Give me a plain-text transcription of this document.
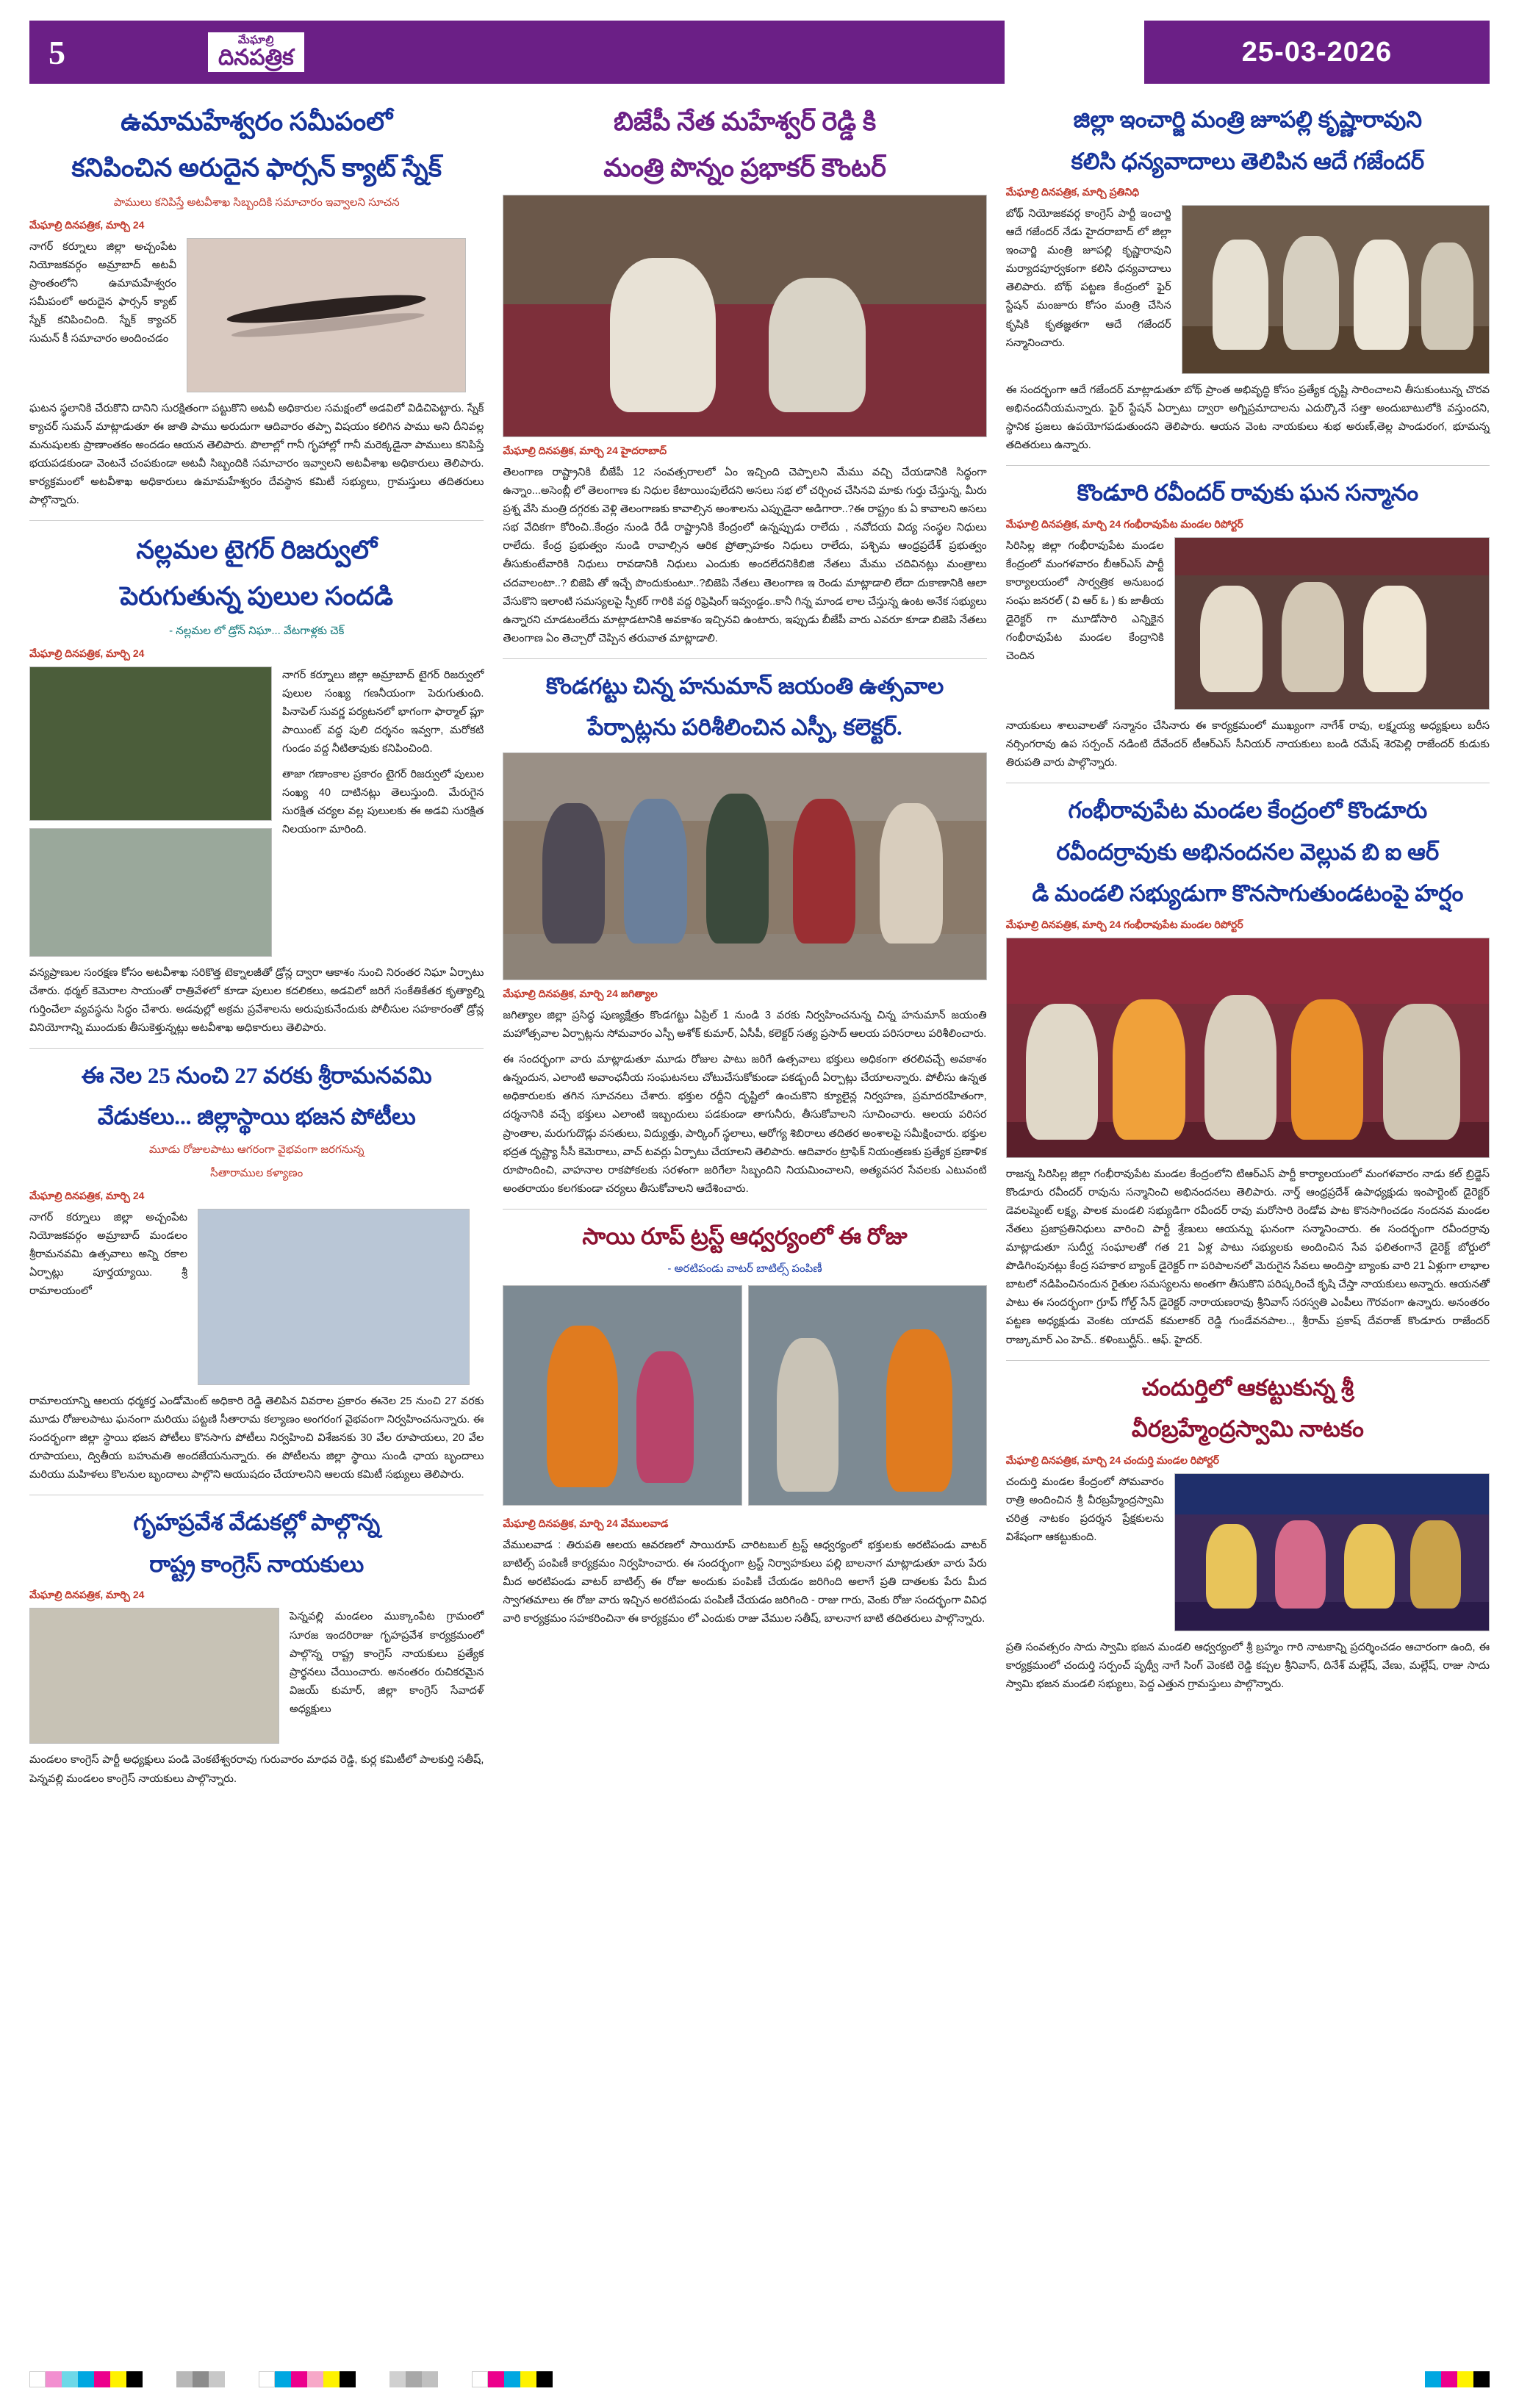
5	మేఘాల్రి
దినపత్రిక	25-03-2026
ఉమామహేశ్వరం సమీపంలో
కనిపించిన అరుదైన ఫార్సన్ క్యాట్ స్నేక్
పాములు కనిపిస్తే అటవీశాఖ సిబ్బందికి సమాచారం ఇవ్వాలని సూచన
మేఘాల్రి దినపత్రిక, మార్చి 24
నాగర్ కర్నూలు జిల్లా అచ్చంపేట నియోజకవర్గం అమ్రాబాద్ అటవీ ప్రాంతంలోని ఉమామహేశ్వరం సమీపంలో అరుదైన ఫార్సన్ క్యాట్ స్నేక్ కనిపించింది. స్నేక్ క్యాచర్ సుమన్ కీ సమాచారం అందించడం
ఘటన స్థలానికి చేరుకొని దానిని సురక్షితంగా పట్టుకొని అటవీ అధికారుల సమక్షంలో అడవిలో విడిచిపెట్టారు. స్నేక్ క్యాచర్ సుమన్ మాట్లాడుతూ ఈ జాతి పాము అరుదుగా ఆదివారం తప్పా విషయం కలిగిన పాము అని దీనివల్ల మనుషులకు ప్రాణాంతకం అందడం ఆయన తెలిపారు. పొలాల్లో గానీ గృహాల్లో గానీ మరెక్కడైనా పాములు కనిపిస్తే భయపడకుండా వెంటనే చంపకుండా అటవీ సిబ్బందికి సమాచారం ఇవ్వాలని అటవీశాఖ అధికారులు తెలిపారు. కార్యక్రమంలో అటవీశాఖ అధికారులు ఉమామహేశ్వరం దేవస్థాన కమిటీ సభ్యులు, గ్రామస్తులు తదితరులు పాల్గొన్నారు.
నల్లమల టైగర్ రిజర్వులో
పెరుగుతున్న పులుల సందడి
- నల్లమల లో డ్రోన్ నిఘా... వేటగాళ్లకు చెక్
మేఘాల్రి దినపత్రిక, మార్చి 24
నాగర్ కర్నూలు జిల్లా అమ్రాబాద్ టైగర్ రిజర్వులో పులుల సంఖ్య గణనీయంగా పెరుగుతుంది. పినాపెల్ సువర్ణ పర్యటనలో భాగంగా ఫార్మాల్ ప్లూ పాయింట్ వద్ద పులి దర్శనం ఇవ్వగా, మరోకటి గుండం వద్ద నీటితావుకు కనిపించింది.
తాజా గణాంకాల ప్రకారం టైగర్ రిజర్వులో పులుల సంఖ్య 40 దాటినట్లు తెలుస్తుంది. మేరుగైన సురక్షిత చర్యల వల్ల పులులకు ఈ అడవి సురక్షిత నిలయంగా మారింది.
వన్యప్రాణుల సంరక్షణ కోసం అటవీశాఖ సరికొత్త టెక్నాలజీతో డ్రోన్ల ద్వారా ఆకాశం నుంచి నిరంతర నిఘా ఏర్పాటు చేశారు. థర్మల్ కెమెరాల సాయంతో రాత్రివేళలో కూడా పులుల కదలికలు, అడవిలో జరిగే సంకేతికేతర కృత్యాల్ని గుర్తించేలా వ్యవస్థను సిద్ధం చేశారు. అడవుల్లో అక్రమ ప్రవేశాలను అరుపుకునేందుకు పోలీసుల సహకారంతో డ్రోన్ల వినియోగాన్ని ముందుకు తీసుకెళ్తున్నట్లు అటవీశాఖ అధికారులు తెలిపారు.
ఈ నెల 25 నుంచి 27 వరకు శ్రీరామనవమి
వేడుకలు... జిల్లాస్థాయి భజన పోటీలు
మూడు రోజులపాటు ఆగరంగా వైభవంగా జరగనున్న
సీతారాముల కళ్యాణం
మేఘాల్రి దినపత్రిక, మార్చి 24
నాగర్ కర్నూలు జిల్లా అచ్చంపేట నియోజకవర్గం అమ్రాబాద్ మండలం శ్రీరామనవమి ఉత్సవాలు అన్ని రకాల ఏర్పాట్లు పూర్తయ్యాయి. శ్రీ రామాలయంలో
రామాలయాన్ని ఆలయ ధర్మకర్త ఎండోమెంట్ అధికారి రెడ్డి తెలిపిన వివరాల ప్రకారం ఈనెల 25 నుంచి 27 వరకు మూడు రోజులపాటు ఘనంగా మరియు పట్టణి సీతారామ కల్యాణం అంగరంగ వైభవంగా నిర్వహించనున్నారు. ఈ సందర్భంగా జిల్లా స్థాయి భజన పోటీలు కొనసాగు పోటీలు నిర్వహించి విశేజనకు 30 వేల రూపాయలు, 20 వేల రూపాయలు, ద్వితీయ బహుమతి అందజేయనున్నారు. ఈ పోటీలను జిల్లా స్థాయి సుండి ఛాయ బృందాలు మరియు మహిళలు కొలనుల బృందాలు పాల్గొని ఆయుషదం చేయాలనిని ఆలయ కమిటీ సభ్యులు తెలిపారు.
గృహప్రవేశ వేడుకల్లో పాల్గొన్న
రాష్ట్ర కాంగ్రెస్ నాయకులు
మేఘాల్రి దినపత్రిక, మార్చి 24
పెన్నవల్లి మండలం ముక్కాంపేట గ్రామంలో సూరజ ఇందరిరాజు గృహప్రవేశ కార్యక్రమంలో పాల్గొన్న రాష్ట్ర కాంగ్రెస్ నాయకులు ప్రత్యేక ప్రార్థనలు చేయించారు. అనంతరం రుచికరమైన విజయ్ కుమార్, జిల్లా కాంగ్రెస్ సేవాదళ్ అధ్యక్షులు
మండలం కాంగ్రెస్ పార్టీ అధ్యక్షులు పండి వెంకటేశ్వరరావు గురువారం మాధవ రెడ్డి, కుర్ల కమిటీలో పాలకుర్తి సతీష్, పెన్నవల్లి మండలం కాంగ్రెస్ నాయకులు పాల్గొన్నారు.
బిజేపీ నేత మహేశ్వర్ రెడ్డి కి
మంత్రి పొన్నం ప్రభాకర్ కౌంటర్
మేఘాల్రి దినపత్రిక, మార్చి 24 హైదరాబాద్
తెలంగాణ రాష్ట్రానికి బీజేపీ 12 సంవత్సరాలలో ఏం ఇచ్చింది చెప్పాలని మేము వచ్చి చేయడానికి సిద్ధంగా ఉన్నాం...అసెంబ్లీ లో తెలంగాణ కు నిధుల కేటాయింపులేదని అసలు సభ లో చర్చించ చేసినవి మాకు గుర్తు చేస్తున్న, మీరు ప్రశ్న వేసి మంత్రి దగ్గరకు వెళ్లి తెలంగాణకు కావాల్సిన అంశాలను ఎప్పుడైనా అడిగారా..?ఈ రాష్ట్రం కు ఏ కావాలని అసలు సభ వేదికగా కోరించి..కేంద్రం నుండి రేడీ రాష్ట్రానికి కేంద్రంలో ఉన్నప్పుడు రాలేదు , నవోదయ విద్య సంస్థల నిధులు రాలేదు. కేంద్ర ప్రభుత్వం నుండి రావాల్సిన ఆరిక ప్రోత్సాహకం నిధులు రాలేదు, పశ్చిమ ఆంధ్రప్రదేశ్ ప్రభుత్వం తీసుకుంటేవారికి నిధులు రావడానికి నిధులు ఎందుకు అందలేదనికిబిజి నేతలు మేము చదివినట్లు మంత్రాలు చదవాలంటా..? బిజెపి తో ఇచ్చే పొందుకుంటూ..?బిజెపి నేతలు తెలంగాణ ఇ రెండు మాట్లాడాలి లేదా దుకాణానికి ఆలా వేసుకొని ఇలాంటి సమస్యలపై స్పీకర్ గారికి వద్ద రిఫ్రెషింగ్ ఇవ్వండ్డం..కానీ గిన్న మాండ లాల చేస్తున్న ఉంట అనేక సభ్యులు ఉన్నారని చూడటంలేదు మాట్లాడటానికి అవకాశం ఇచ్చినవి ఉంటారు, ఇప్పుడు బీజేపీ వారు ఎవరూ కూడా బిజెపి నేతలు తెలంగాణ ఏం తెచ్చారో చెప్పిన తరువాత మాట్లాడాలి.
కొండగట్టు చిన్న హనుమాన్ జయంతి ఉత్సవాల
పేర్పాట్లను పరిశీలించిన ఎస్పీ, కలెక్టర్.
మేఘాల్రి దినపత్రిక, మార్చి 24 జగిత్యాల
జగిత్యాల జిల్లా ప్రసిద్ధ పుణ్యక్షేత్రం కొండగట్టు ఏప్రిల్ 1 నుండి 3 వరకు నిర్వహించనున్న చిన్న హనుమాన్ జయంతి మహోత్సవాల ఏర్పాట్లను సోమవారం ఎస్పీ అశోక్ కుమార్, ఏసీపీ, కలెక్టర్ సత్య ప్రసాద్ ఆలయ పరిసరాలు పరిశీలించారు.
ఈ సందర్భంగా వారు మాట్లాడుతూ మూడు రోజుల పాటు జరిగే ఉత్సవాలు భక్తులు అధికంగా తరలివచ్చే అవకాశం ఉన్నందున, ఎలాంటి అవాంఛనీయ సంఘటనలు చోటుచేసుకోకుండా పకడ్బందీ ఏర్పాట్లు చేయాలన్నారు. పోలీసు ఉన్నత అధికారులకు తగిన సూచనలు చేశారు. భక్తుల రద్దీని దృష్టిలో ఉంచుకొని క్యూలైన్ల నిర్వహణ, ప్రమాదరహితంగా, దర్శనానికి వచ్చే భక్తులు ఎలాంటి ఇబ్బందులు పడకుండా తాగునీరు, తీసుకోవాలని సూచించారు. ఆలయ పరిసర ప్రాంతాల, మరుగుదొడ్లు వసతులు, విద్యుత్తు, పార్కింగ్ స్థలాలు, ఆరోగ్య శిబిరాలు తదితర అంశాలపై సమీక్షించారు. భక్తుల భద్రత దృష్ట్యా సీసీ కెమెరాలు, వాచ్ టవర్లు ఏర్పాటు చేయాలని తెలిపారు. ఆదివారం ట్రాఫిక్ నియంత్రణకు ప్రత్యేక ప్రణాళిక రూపొందించి, వాహనాల రాకపోకలకు సరళంగా జరిగేలా సిబ్బందిని నియమించాలని, అత్యవసర సేవలకు ఎటువంటి అంతరాయం కలగకుండా చర్యలు తీసుకోవాలని ఆదేశించారు.
సాయి రూప్ ట్రస్ట్ ఆధ్వర్యంలో ఈ రోజు
- అరటిపండు వాటర్ బాటిల్స్ పంపిణీ
మేఘాల్రి దినపత్రిక, మార్చి 24 వేములవాడ
వేములవాడ : తిరుపతి ఆలయ ఆవరణలో సాయిరూప్ చారిటబుల్ ట్రస్ట్ ఆధ్వర్యంలో భక్తులకు అరటిపండు వాటర్ బాటిల్స్ పంపిణీ కార్యక్రమం నిర్వహించారు. ఈ సందర్భంగా ట్రస్ట్ నిర్వాహకులు పల్లి బాలనాగ మాట్లాడుతూ వారు పేరు మీద అరటిపండు వాటర్ బాటిల్స్ ఈ రోజు అందుకు పంపిణీ చేయడం జరిగింది అలాగే ప్రతి దాతలకు పేరు మీద స్వాగతమాలు ఈ రోజు వారు ఇచ్చిన అరటిపండు పంపిణీ చేయడం జరిగింది - రాజు గారు, వెంకు రోజు సందర్భంగా వివిధ వారి కార్యక్రమం సహకరించినా ఈ కార్యక్రమం లో ఎందుకు రాజు వేముల సతీష్, బాలనాగ బాటి తదితరులు పాల్గొన్నారు.
జిల్లా ఇంచార్జి మంత్రి జూపల్లి కృష్ణారావుని
కలిసి ధన్యవాదాలు తెలిపిన ఆదే గజేందర్
మేఘాల్రి దినపత్రిక, మార్చి ప్రతినిధి
బోథ్ నియోజకవర్గ కాంగ్రెస్ పార్టీ ఇంచార్జి ఆదే గజేందర్ నేడు హైదరాబాద్ లో జిల్లా ఇంచార్జి మంత్రి జూపల్లి కృష్ణారావుని మర్యాదపూర్వకంగా కలిసి ధన్యవాదాలు తెలిపారు. బోథ్ పట్టణ కేంద్రంలో ఫైర్ స్టేషన్ మంజూరు కోసం మంత్రి చేసిన కృషికి కృతజ్ఞతగా ఆదే గజేందర్ సన్మానించారు.
ఈ సందర్భంగా ఆదే గజేందర్ మాట్లాడుతూ బోథ్ ప్రాంత అభివృద్ధి కోసం ప్రత్యేక దృష్టి సారించాలని తీసుకుంటున్న చొరవ అభినందనీయమన్నారు. ఫైర్ స్టేషన్ ఏర్పాటు ద్వారా అగ్నిప్రమాదాలను ఎదుర్కొనే సత్తా అందుబాటులోకి వస్తుందని, స్థానిక ప్రజలు ఉపయోగపడుతుందని తెలిపారు. ఆయన వెంట నాయకులు శుభ అరుణ్,తెల్ల పాండురంగ, భూమన్న తదితరులు ఉన్నారు.
కొండూరి రవీందర్ రావుకు ఘన సన్మానం
మేఘాల్రి దినపత్రిక, మార్చి 24 గంభీరావుపేట మండల రిపోర్టర్
సిరిసిల్ల జిల్లా గంభీరావుపేట మండల కేంద్రంలో మంగళవారం బీఆర్ఎస్ పార్టీ కార్యాలయంలో సార్వత్రిక అనుబంధ సంఘ జనరల్ ( వి ఆర్ ఓ ) కు జాతీయ డైరెక్టర్ గా మూడోసారి ఎన్నికైన గంభీరావుపేట మండల కేంద్రానికి చెందిన
నాయకులు శాలువాలతో సన్మానం చేసినారు ఈ కార్యక్రమంలో ముఖ్యంగా నాగేశ్ రావు, లక్ష్మయ్య అధ్యక్షులు బరీస నర్సింగరావు ఉప సర్పంచ్ నడింటి దేవేందర్ టీఆర్ఎస్ సీనియర్ నాయకులు బండి రమేష్ శెరపెల్లి రాజేందర్ కుడుకు తిరుపతి వారు పాల్గొన్నారు.
గంభీరావుపేట మండల కేంద్రంలో కొండూరు
రవీందర్రావుకు అభినందనల వెల్లువ బి ఐ ఆర్
డి మండలి సభ్యుడుగా కొనసాగుతుండటంపై హర్షం
మేఘాల్రి దినపత్రిక, మార్చి 24 గంభీరావుపేట మండల రిపోర్టర్
రాజన్న సిరిసిల్ల జిల్లా గంభీరావుపేట మండల కేంద్రంలోని టిఆర్ఎస్ పార్టీ కార్యాలయంలో మంగళవారం నాడు కల్ బ్రిడ్జెస్ కొండూరు రవీందర్ రావును సన్మానించి అభినందనలు తెలిపారు. నార్త్ ఆంధ్రప్రదేశ్ ఉపాధ్యక్షుడు ఇంపార్టెంట్ డైరెక్టర్ డెవలప్మెంట్ లక్ష్య, పాలక మండలి సభ్యుడిగా రవీందర్ రావు మరోసారి రెండోవ పాట కొనసాగించడం నందనవ మండల నేతలు ప్రజాప్రతినిధులు వారించి పార్టీ శ్రేణులు ఆయన్ను ఘనంగా సన్మానించారు. ఈ సందర్భంగా రవీందర్రావు మాట్లాడుతూ సుదీర్ఘ సంఘాలతో గత 21 ఏళ్ల పాటు సభ్యులకు అందించిన సేవ ఫలితంగానే డైరెక్ట్ బోర్డులో పొడిగింపునట్లు కేంద్ర సహకార బ్యాంక్ డైరెక్టర్ గా పరిపాలనలో మెరుగైన సేవలు అందిస్తా బ్యాంకు వారి 21 ఏళ్లుగా లాభాల బాటలో నడిపించినందున రైతుల సమస్యలను అంతగా తీసుకొని పరిష్కరించే కృషి చేస్తా నాయకులు అన్నారు. ఆయనతో పాటు ఈ సందర్భంగా గ్రూప్ గోల్డ్ సేన్ డైరెక్టర్ నారాయణరావు శ్రీనివాస్ సరస్వతి ఎంపీలు గౌరవంగా ఉన్నారు. అనంతరం పట్టణ అధ్యక్షుడు వెంకట యాదవ్ కమలాకర్ రెడ్డి గుండేవనపాల.., శ్రీరామ్ ప్రకాష్ దేవరాజ్ కొండూరు రాజేందర్ రాజ్కుమార్ ఎం హెచ్.. కళింబుర్ఘీస్.. ఆఫ్. హైదర్.
చందుర్తిలో ఆకట్టుకున్న శ్రీ
వీరబ్రహ్మేంద్రస్వామి నాటకం
మేఘాల్రి దినపత్రిక, మార్చి 24 చందుర్తి మండల రిపోర్టర్
చందుర్తి మండల కేంద్రంలో సోమవారం రాత్రి అందించిన శ్రీ వీరబ్రహ్మేంద్రస్వామి చరిత్ర నాటకం ప్రదర్శన ప్రేక్షకులను విశేషంగా ఆకట్టుకుంది.
ప్రతి సంవత్సరం సాదు స్వామి భజన మండలి ఆధ్వర్యంలో శ్రీ బ్రహ్మం గారి నాటకాన్ని ప్రదర్శించడం ఆచారంగా ఉంది, ఈ కార్యక్రమంలో చందుర్తి సర్పంచ్ పృథ్వీ నాగే సింగ్ వెంకటి రెడ్డి కప్పల శ్రీనివాస్, దినేశ్ మల్లేష్, వేణు, మల్లేష్, రాజు సాదు స్వామి భజన మండలి సభ్యులు, పెద్ద ఎత్తున గ్రామస్తులు పాల్గొన్నారు.
